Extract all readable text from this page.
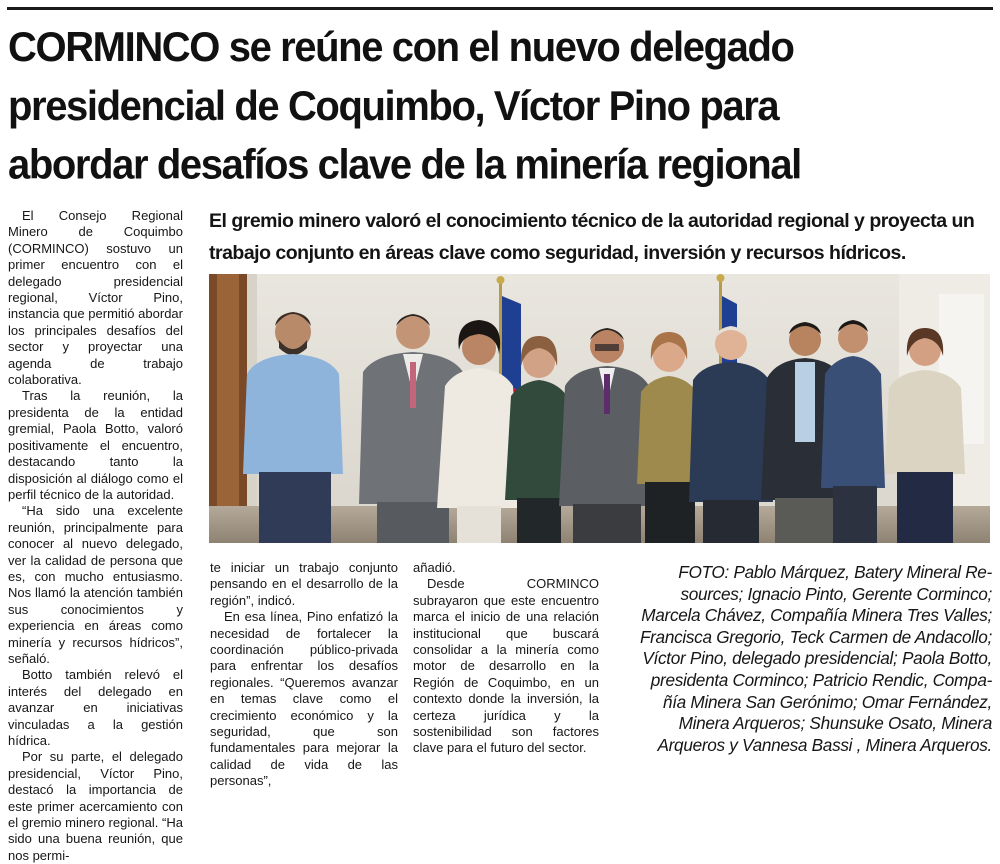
CORMINCO se reúne con el nuevo delegado
presidencial de Coquimbo, Víctor Pino para
abordar desafíos clave de la minería regional

El Consejo Regional Minero de Coquimbo (CORMINCO) sostuvo un primer encuentro con el delegado presidencial regional, Víctor Pino, instancia que permitió abordar los principales desafíos del sector y proyectar una agenda de trabajo colaborativa.

Tras la reunión, la presidenta de la entidad gremial, Paola Botto, valoró positivamente el encuentro, destacando tanto la disposición al diálogo como el perfil técnico de la autoridad.

“Ha sido una excelente reunión, principalmente para conocer al nuevo delegado, ver la calidad de persona que es, con mucho entusiasmo. Nos llamó la atención también sus conocimientos y experiencia en áreas como minería y recursos hídricos”, señaló.

Botto también relevó el interés del delegado en avanzar en iniciativas vinculadas a la gestión hídrica.

Por su parte, el delegado presidencial, Víctor Pino, destacó la importancia de este primer acercamiento con el gremio minero regional. “Ha sido una buena reunión, que nos permi-

El gremio minero valoró el conocimiento técnico de la autoridad regional y proyecta un
trabajo conjunto en áreas clave como seguridad, inversión y recursos hídricos.

te iniciar un trabajo conjunto pensando en el desarrollo de la región”, indicó.

En esa línea, Pino enfatizó la necesidad de fortalecer la coordinación público-privada para enfrentar los desafíos regionales. “Queremos avanzar en temas clave como el crecimiento económico y la seguridad, que son fundamentales para mejorar la calidad de vida de las personas”,

añadió.

Desde CORMINCO subrayaron que este encuentro marca el inicio de una relación institucional que buscará consolidar a la minería como motor de desarrollo en la Región de Coquimbo, en un contexto donde la inversión, la certeza jurídica y la sostenibilidad son factores clave para el futuro del sector.

FOTO: Pablo Márquez, Batery Mineral Re-
sources; Ignacio Pinto, Gerente Corminco;
Marcela Chávez, Compañía Minera Tres Valles;
Francisca Gregorio, Teck Carmen de Andacollo;
Víctor Pino, delegado presidencial; Paola Botto,
presidenta Corminco; Patricio Rendic, Compa-
ñía Minera San Gerónimo; Omar Fernández,
Minera Arqueros; Shunsuke Osato, Minera
Arqueros y Vannesa Bassi , Minera Arqueros.
